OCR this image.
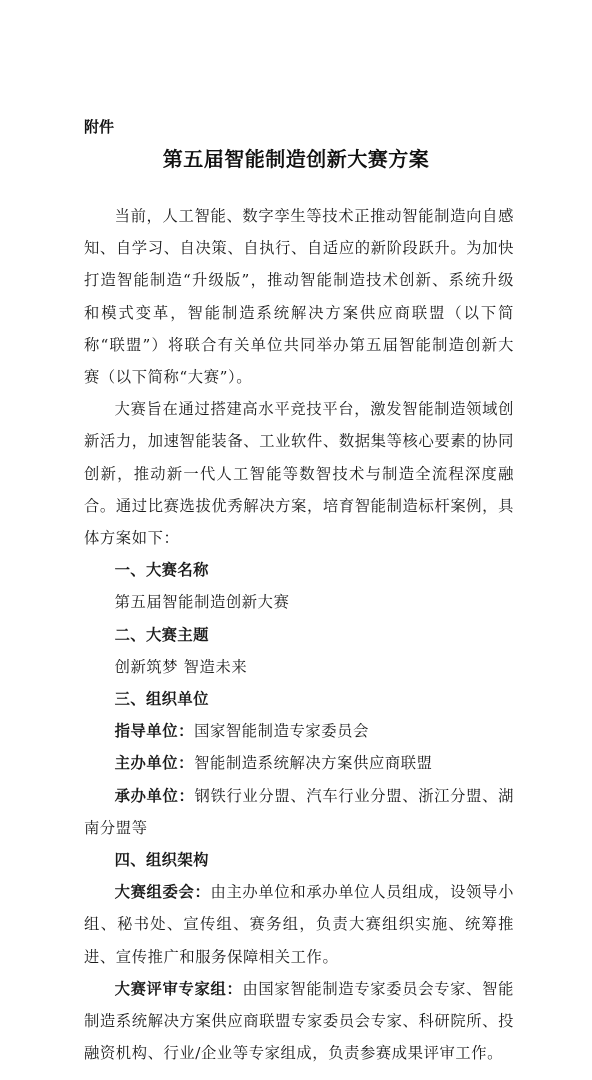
附件
第五届智能制造创新大赛方案

当前，人工智能、数字孪生等技术正推动智能制造向自感知、自学习、自决策、自执行、自适应的新阶段跃升。为加快打造智能制造“升级版”，推动智能制造技术创新、系统升级和模式变革，智能制造系统解决方案供应商联盟（以下简称“联盟”）将联合有关单位共同举办第五届智能制造创新大赛（以下简称“大赛”）。

大赛旨在通过搭建高水平竞技平台，激发智能制造领域创新活力，加速智能装备、工业软件、数据集等核心要素的协同创新，推动新一代人工智能等数智技术与制造全流程深度融合。通过比赛选拔优秀解决方案，培育智能制造标杆案例，具体方案如下：

一、大赛名称

第五届智能制造创新大赛

二、大赛主题

创新筑梦 智造未来

三、组织单位

指导单位：国家智能制造专家委员会

主办单位：智能制造系统解决方案供应商联盟

承办单位：钢铁行业分盟、汽车行业分盟、浙江分盟、湖南分盟等

四、组织架构

大赛组委会：由主办单位和承办单位人员组成，设领导小组、秘书处、宣传组、赛务组，负责大赛组织实施、统筹推进、宣传推广和服务保障相关工作。

大赛评审专家组：由国家智能制造专家委员会专家、智能制造系统解决方案供应商联盟专家委员会专家、科研院所、投融资机构、行业/企业等专家组成，负责参赛成果评审工作。
